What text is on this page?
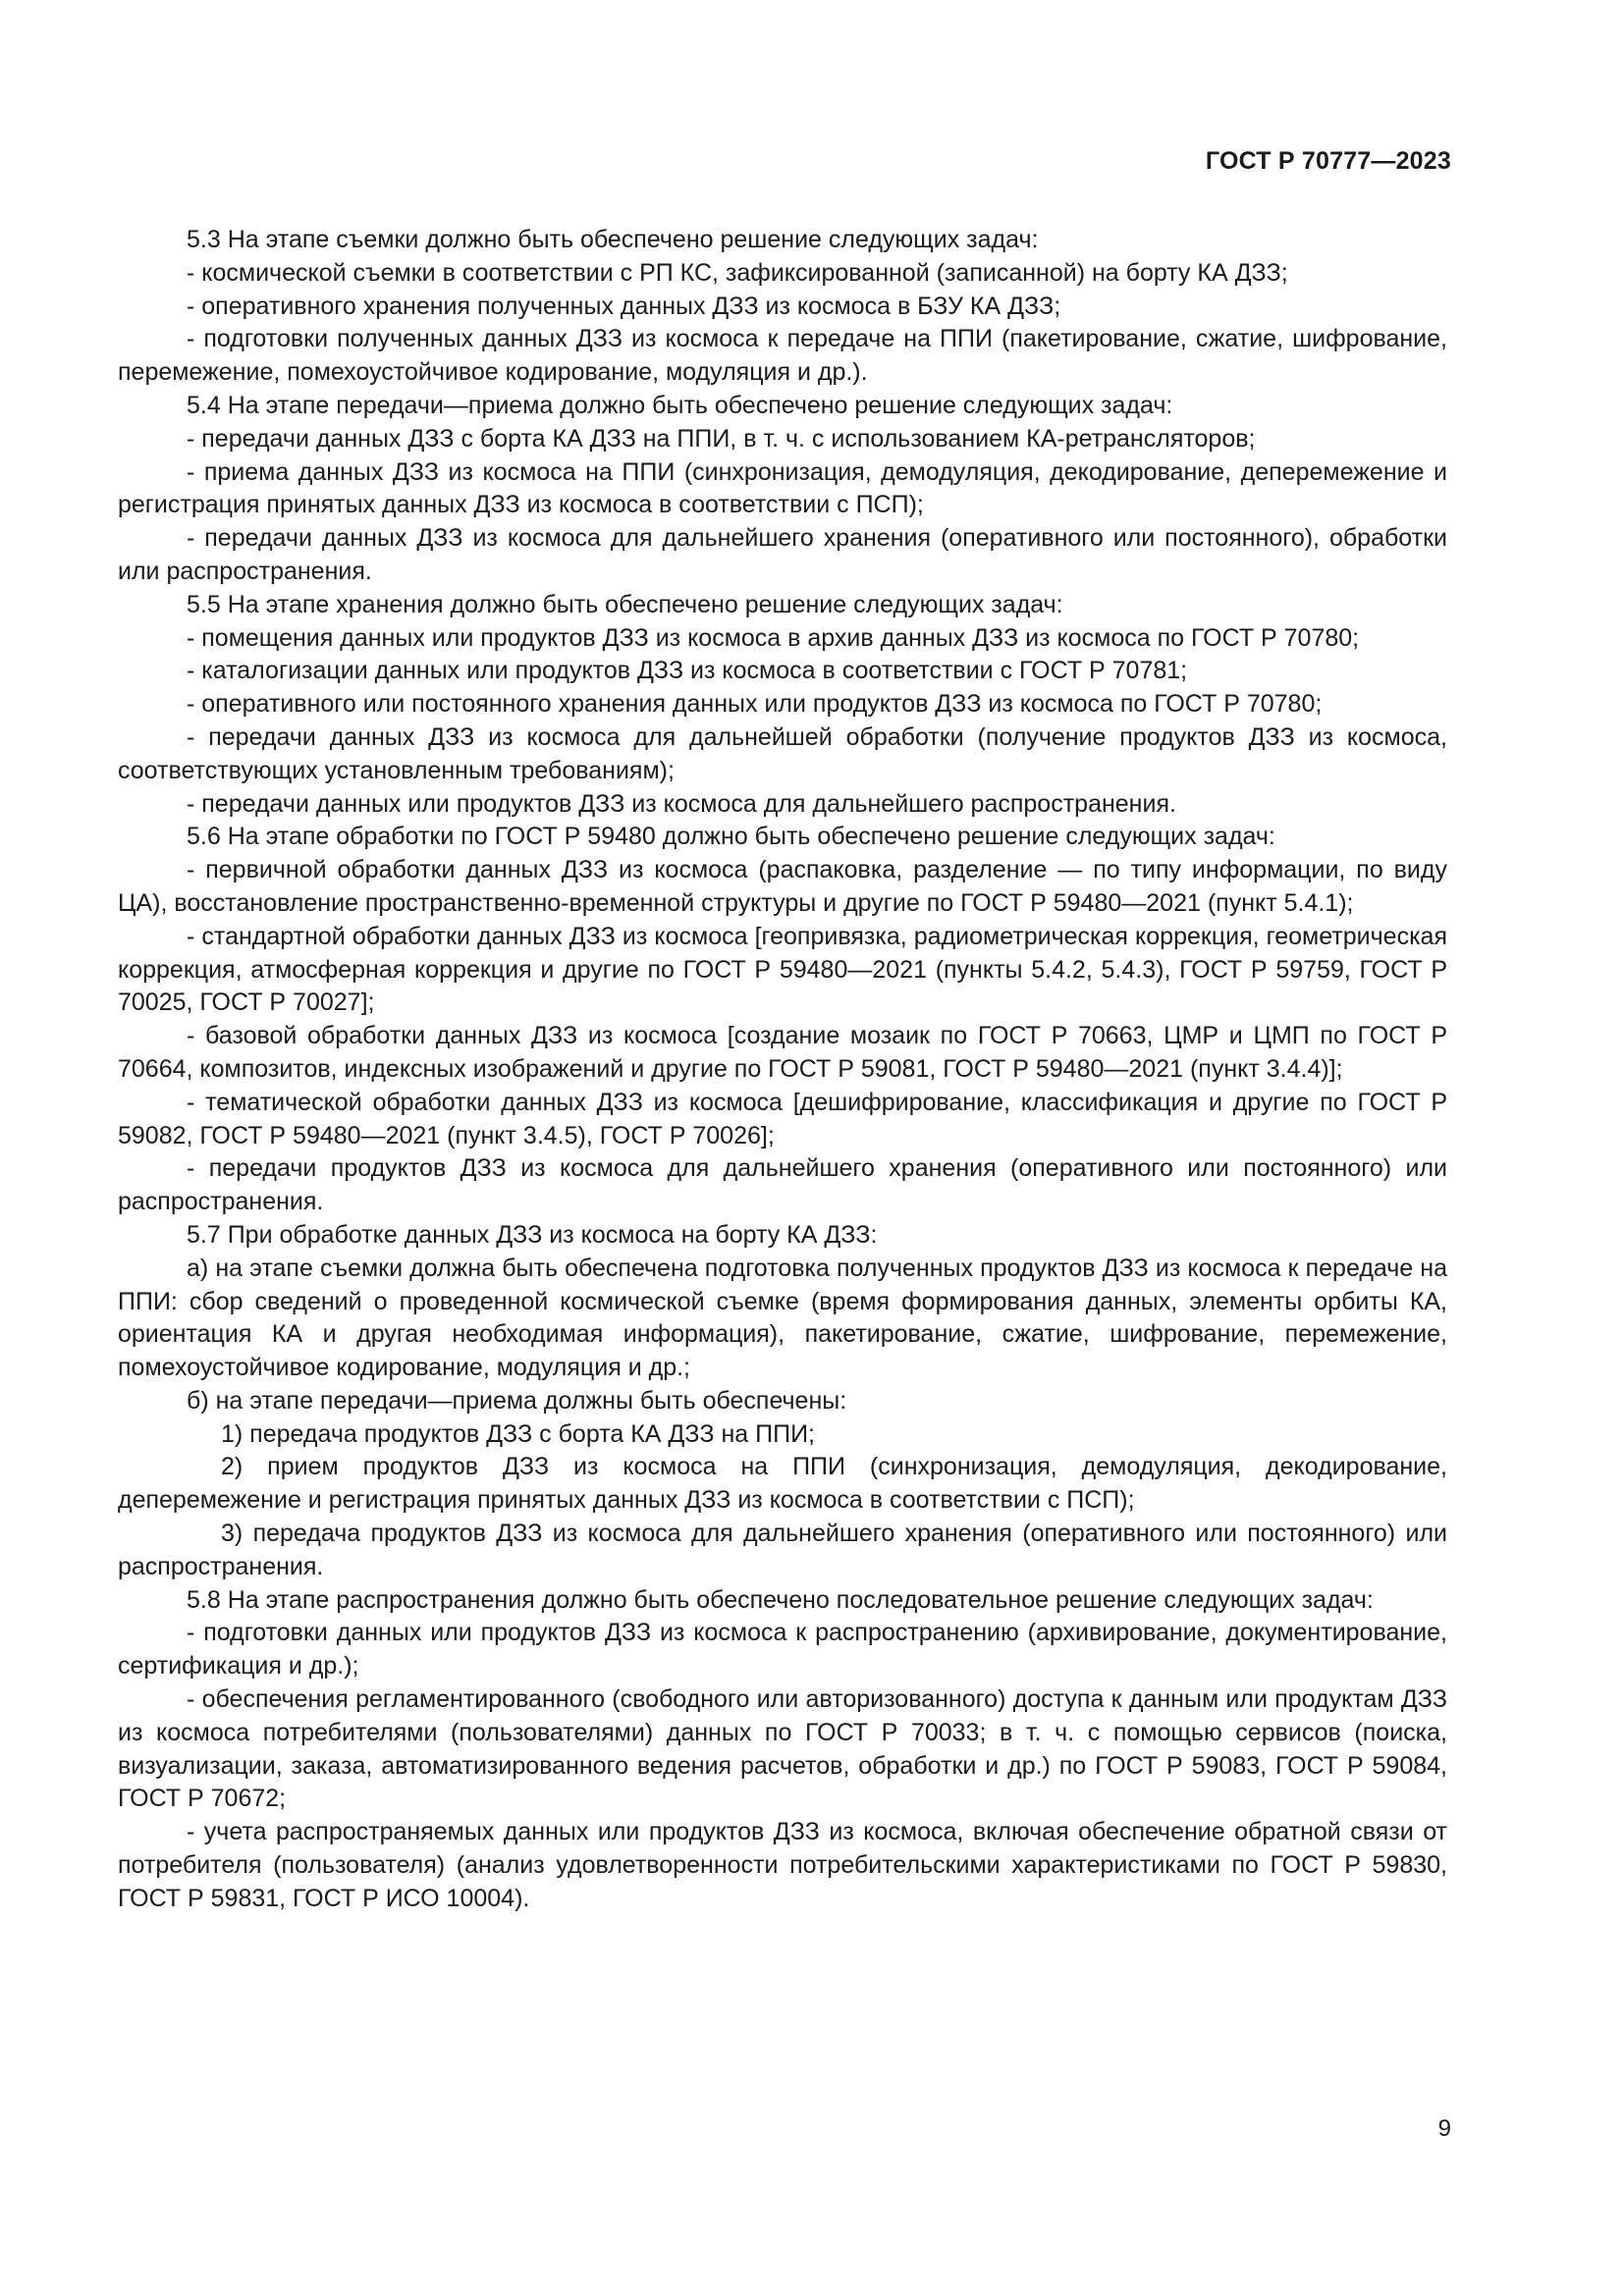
ГОСТ Р 70777—2023

5.3 На этапе съемки должно быть обеспечено решение следующих задач:

- космической съемки в соответствии с РП КС, зафиксированной (записанной) на борту КА ДЗЗ;

- оперативного хранения полученных данных ДЗЗ из космоса в БЗУ КА ДЗЗ;

- подготовки полученных данных ДЗЗ из космоса к передаче на ППИ (пакетирование, сжатие, шифрование, перемежение, помехоустойчивое кодирование, модуляция и др.).

5.4 На этапе передачи—приема должно быть обеспечено решение следующих задач:

- передачи данных ДЗЗ с борта КА ДЗЗ на ППИ, в т. ч. с использованием КА-ретрансляторов;

- приема данных ДЗЗ из космоса на ППИ (синхронизация, демодуляция, декодирование, деперемежение и регистрация принятых данных ДЗЗ из космоса в соответствии с ПСП);

- передачи данных ДЗЗ из космоса для дальнейшего хранения (оперативного или постоянного), обработки или распространения.

5.5 На этапе хранения должно быть обеспечено решение следующих задач:

- помещения данных или продуктов ДЗЗ из космоса в архив данных ДЗЗ из космоса по ГОСТ Р 70780;

- каталогизации данных или продуктов ДЗЗ из космоса в соответствии с ГОСТ Р 70781;

- оперативного или постоянного хранения данных или продуктов ДЗЗ из космоса по ГОСТ Р 70780;

- передачи данных ДЗЗ из космоса для дальнейшей обработки (получение продуктов ДЗЗ из космоса, соответствующих установленным требованиям);

- передачи данных или продуктов ДЗЗ из космоса для дальнейшего распространения.

5.6 На этапе обработки по ГОСТ Р 59480 должно быть обеспечено решение следующих задач:

- первичной обработки данных ДЗЗ из космоса (распаковка, разделение — по типу информации, по виду ЦА), восстановление пространственно-временной структуры и другие по ГОСТ Р 59480—2021 (пункт 5.4.1);

- стандартной обработки данных ДЗЗ из космоса [геопривязка, радиометрическая коррекция, геометрическая коррекция, атмосферная коррекция и другие по ГОСТ Р 59480—2021 (пункты 5.4.2, 5.4.3), ГОСТ Р 59759, ГОСТ Р 70025, ГОСТ Р 70027];

- базовой обработки данных ДЗЗ из космоса [создание мозаик по ГОСТ Р 70663, ЦМР и ЦМП по ГОСТ Р 70664, композитов, индексных изображений и другие по ГОСТ Р 59081, ГОСТ Р 59480—2021 (пункт 3.4.4)];

- тематической обработки данных ДЗЗ из космоса [дешифрирование, классификация и другие по ГОСТ Р 59082, ГОСТ Р 59480—2021 (пункт 3.4.5), ГОСТ Р 70026];

- передачи продуктов ДЗЗ из космоса для дальнейшего хранения (оперативного или постоянного) или распространения.

5.7 При обработке данных ДЗЗ из космоса на борту КА ДЗЗ:

а) на этапе съемки должна быть обеспечена подготовка полученных продуктов ДЗЗ из космоса к передаче на ППИ: сбор сведений о проведенной космической съемке (время формирования данных, элементы орбиты КА, ориентация КА и другая необходимая информация), пакетирование, сжатие, шифрование, перемежение, помехоустойчивое кодирование, модуляция и др.;

б) на этапе передачи—приема должны быть обеспечены:

1) передача продуктов ДЗЗ с борта КА ДЗЗ на ППИ;

2) прием продуктов ДЗЗ из космоса на ППИ (синхронизация, демодуляция, декодирование, деперемежение и регистрация принятых данных ДЗЗ из космоса в соответствии с ПСП);

3) передача продуктов ДЗЗ из космоса для дальнейшего хранения (оперативного или постоянного) или распространения.

5.8 На этапе распространения должно быть обеспечено последовательное решение следующих задач:

- подготовки данных или продуктов ДЗЗ из космоса к распространению (архивирование, документирование, сертификация и др.);

- обеспечения регламентированного (свободного или авторизованного) доступа к данным или продуктам ДЗЗ из космоса потребителями (пользователями) данных по ГОСТ Р 70033; в т. ч. с помощью сервисов (поиска, визуализации, заказа, автоматизированного ведения расчетов, обработки и др.) по ГОСТ Р 59083, ГОСТ Р 59084, ГОСТ Р 70672;

- учета распространяемых данных или продуктов ДЗЗ из космоса, включая обеспечение обратной связи от потребителя (пользователя) (анализ удовлетворенности потребительскими характеристиками по ГОСТ Р 59830, ГОСТ Р 59831, ГОСТ Р ИСО 10004).

9
